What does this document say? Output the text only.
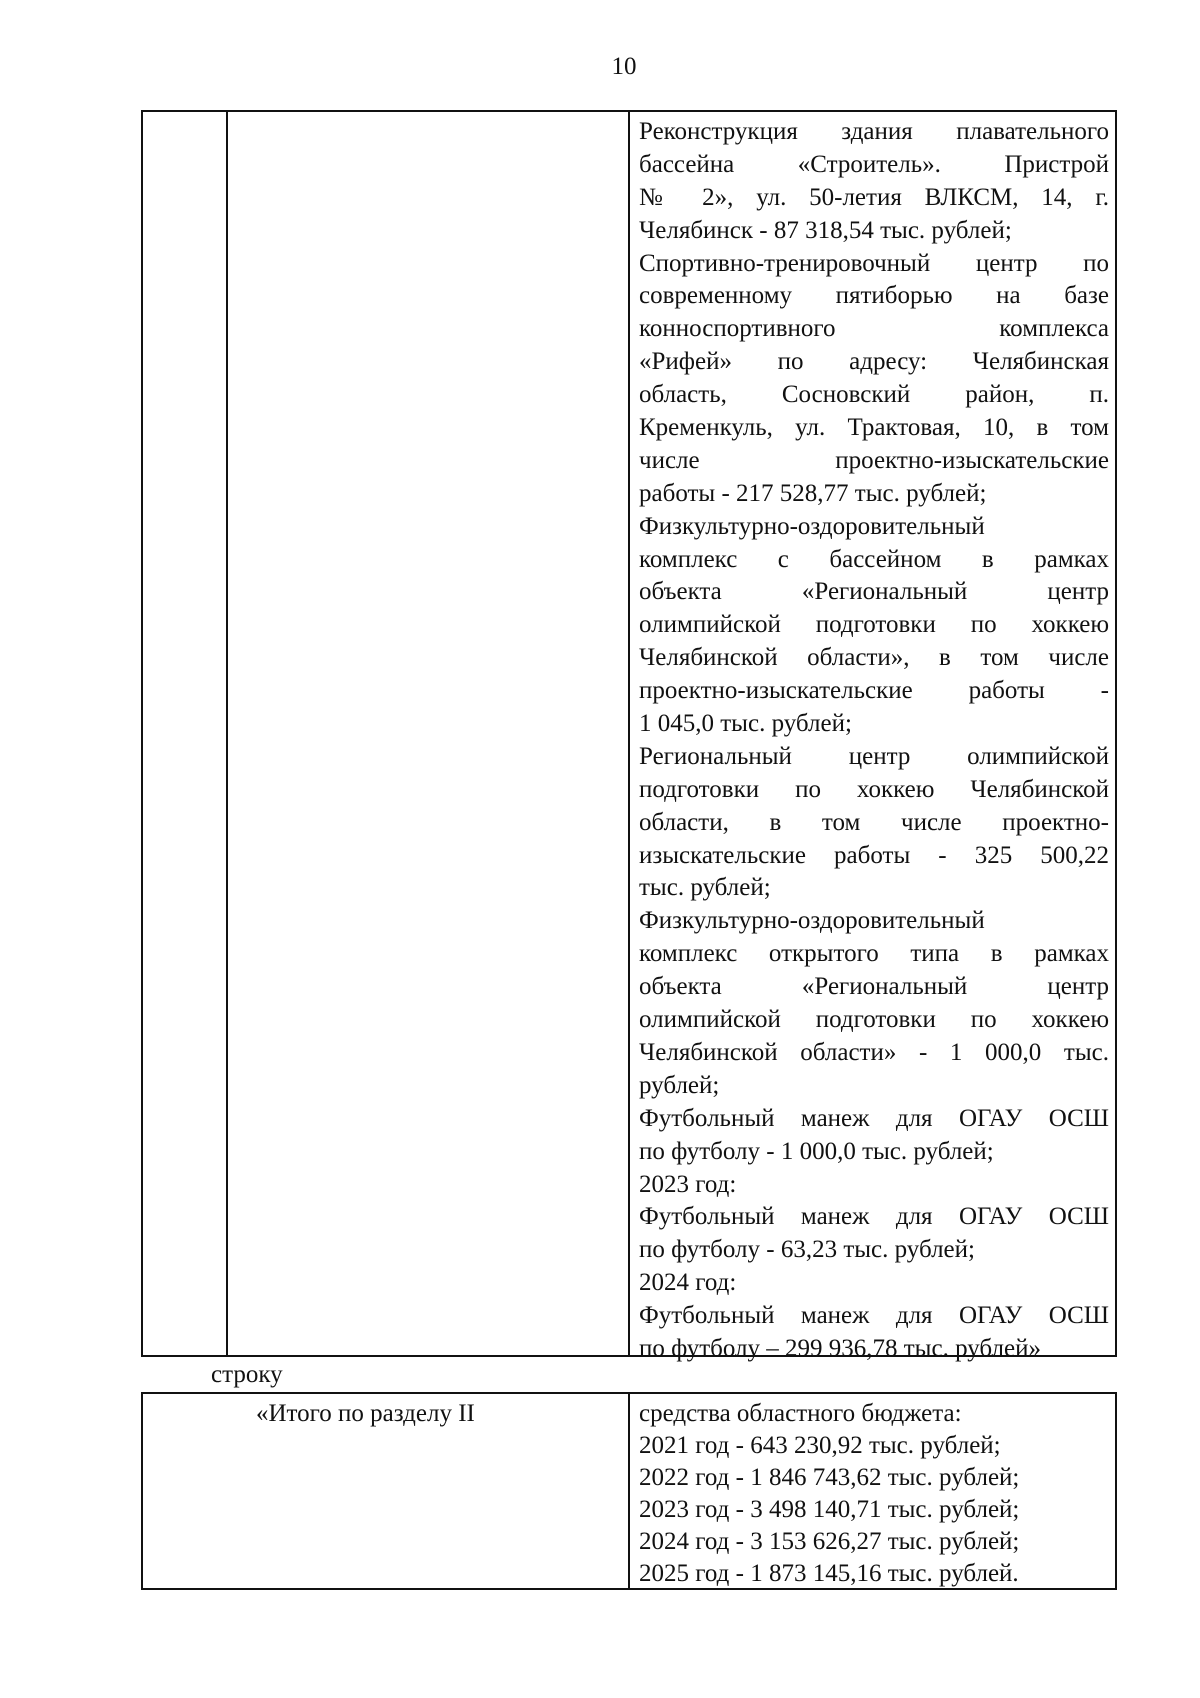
10
Реконструкция здания плавательного
бассейна «Строитель». Пристрой
№ 2», ул. 50-летия ВЛКСМ, 14, г.
Челябинск - 87 318,54 тыс. рублей;
Спортивно-тренировочный центр по
современному пятиборью на базе
конноспортивного комплекса
«Рифей» по адресу: Челябинская
область, Сосновский район, п.
Кременкуль, ул. Трактовая, 10, в том
числе проектно-изыскательские
работы - 217 528,77 тыс. рублей;
Физкультурно-оздоровительный
комплекс с бассейном в рамках
объекта «Региональный центр
олимпийской подготовки по хоккею
Челябинской области», в том числе
проектно-изыскательские работы -
1 045,0 тыс. рублей;
Региональный центр олимпийской
подготовки по хоккею Челябинской
области, в том числе проектно-
изыскательские работы - 325 500,22
тыс. рублей;
Физкультурно-оздоровительный
комплекс открытого типа в рамках
объекта «Региональный центр
олимпийской подготовки по хоккею
Челябинской области» - 1 000,0 тыс.
рублей;
Футбольный манеж для ОГАУ ОСШ
по футболу - 1 000,0 тыс. рублей;
2023 год:
Футбольный манеж для ОГАУ ОСШ
по футболу - 63,23 тыс. рублей;
2024 год:
Футбольный манеж для ОГАУ ОСШ
по футболу – 299 936,78 тыс. рублей»
строку
«Итого по разделу II	средства областного бюджета:
2021 год - 643 230,92 тыс. рублей;
2022 год - 1 846 743,62 тыс. рублей;
2023 год - 3 498 140,71 тыс. рублей;
2024 год - 3 153 626,27 тыс. рублей;
2025 год - 1 873 145,16 тыс. рублей.
